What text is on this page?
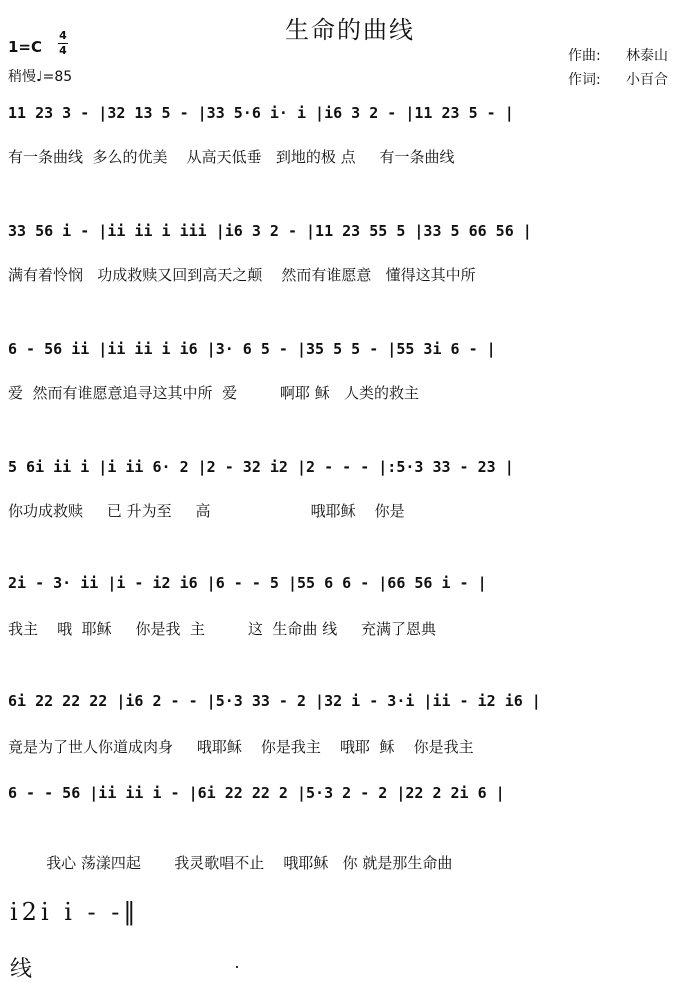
生命的曲线
1=C
4
4
稍慢♩=85
作曲: 林泰山
作词: 小百合
11 23 3 - |32 13 5 - |33 5·6 i· i |i6 3 2 - |11 23 5 - |
有一条曲线  多么的优美    从高天低垂   到地的极 点     有一条曲线
33 56 i - |ii ii i iii |i6 3 2 - |11 23 55 5 |33 5 66 56 |
满有着怜悯   功成救赎又回到高天之颠    然而有谁愿意   懂得这其中所
6 - 56 ii |ii ii i i6 |3· 6 5 - |35 5 5 - |55 3i 6 - |
爱  然而有谁愿意追寻这其中所  爱         啊耶 稣   人类的救主
5 6i ii i |i ii 6· 2 |2 - 32 i2 |2 - - - |:5·3 33 - 23 |
你功成救赎     已 升为至     高                     哦耶稣    你是
2i - 3· ii |i - i2 i6 |6 - - 5 |55 6 6 - |66 56 i - |
我主    哦  耶稣     你是我  主         这  生命曲 线     充满了恩典
6i 22 22 22 |i6 2 - - |5·3 33 - 2 |32 i - 3·i |ii - i2 i6 |
竟是为了世人你道成肉身     哦耶稣    你是我主    哦耶  稣    你是我主
6 - - 56 |ii ii i - |6i 22 22 2 |5·3 2 - 2 |22 2 2i 6 |
我心 荡漾四起       我灵歌唱不止    哦耶稣   你 就是那生命曲
i2i i - -‖
线
